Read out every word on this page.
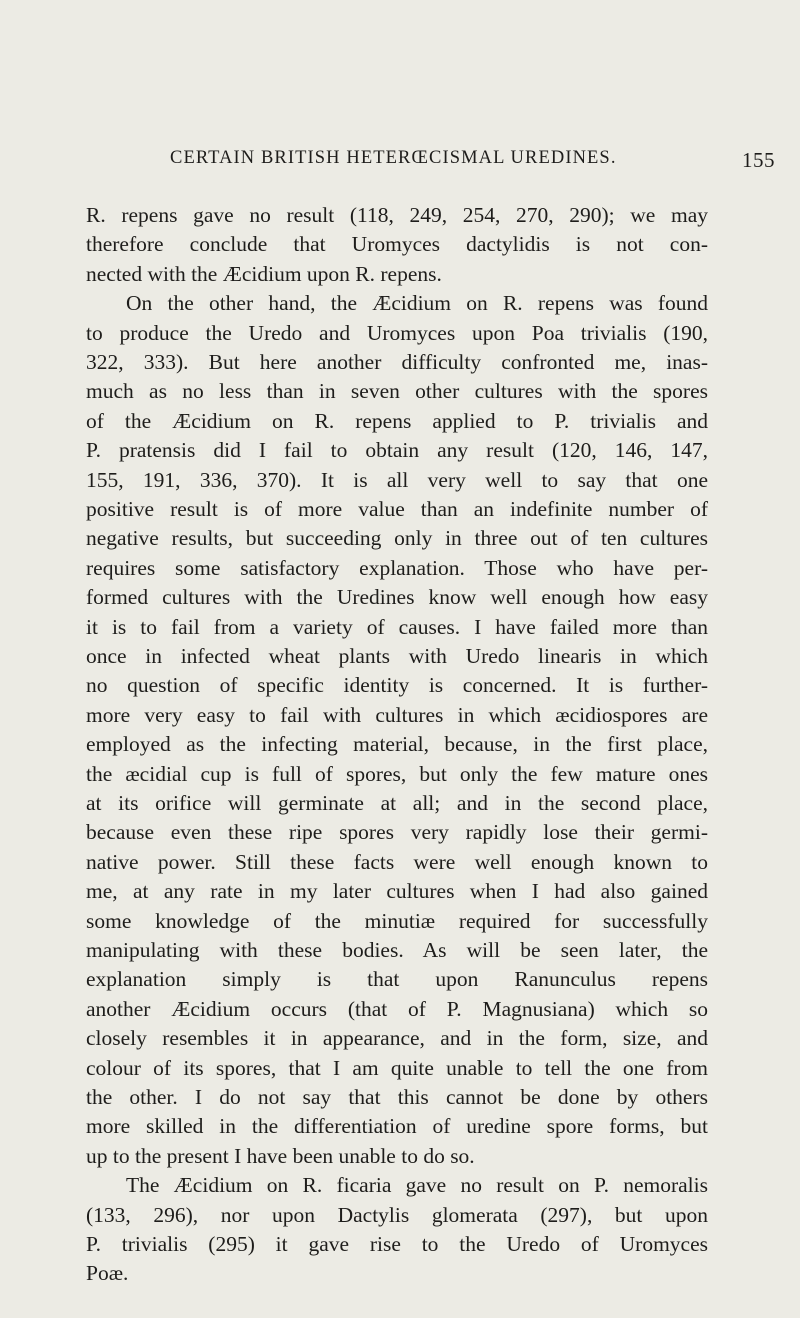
CERTAIN BRITISH HETERŒCISMAL UREDINES.	155
R. repens gave no result (118, 249, 254, 270, 290); we may
therefore conclude that Uromyces dactylidis is not con-
nected with the Æcidium upon R. repens.
On the other hand, the Æcidium on R. repens was found
to produce the Uredo and Uromyces upon Poa trivialis (190,
322, 333). But here another difficulty confronted me, inas-
much as no less than in seven other cultures with the spores
of the Æcidium on R. repens applied to P. trivialis and
P. pratensis did I fail to obtain any result (120, 146, 147,
155, 191, 336, 370). It is all very well to say that one
positive result is of more value than an indefinite number of
negative results, but succeeding only in three out of ten cultures
requires some satisfactory explanation. Those who have per-
formed cultures with the Uredines know well enough how easy
it is to fail from a variety of causes. I have failed more than
once in infected wheat plants with Uredo linearis in which
no question of specific identity is concerned. It is further-
more very easy to fail with cultures in which æcidiospores are
employed as the infecting material, because, in the first place,
the æcidial cup is full of spores, but only the few mature ones
at its orifice will germinate at all; and in the second place,
because even these ripe spores very rapidly lose their germi-
native power. Still these facts were well enough known to
me, at any rate in my later cultures when I had also gained
some knowledge of the minutiæ required for successfully
manipulating with these bodies. As will be seen later, the
explanation simply is that upon Ranunculus repens
another Æcidium occurs (that of P. Magnusiana) which so
closely resembles it in appearance, and in the form, size, and
colour of its spores, that I am quite unable to tell the one from
the other. I do not say that this cannot be done by others
more skilled in the differentiation of uredine spore forms, but
up to the present I have been unable to do so.
The Æcidium on R. ficaria gave no result on P. nemoralis
(133, 296), nor upon Dactylis glomerata (297), but upon
P. trivialis (295) it gave rise to the Uredo of Uromyces
Poæ.
